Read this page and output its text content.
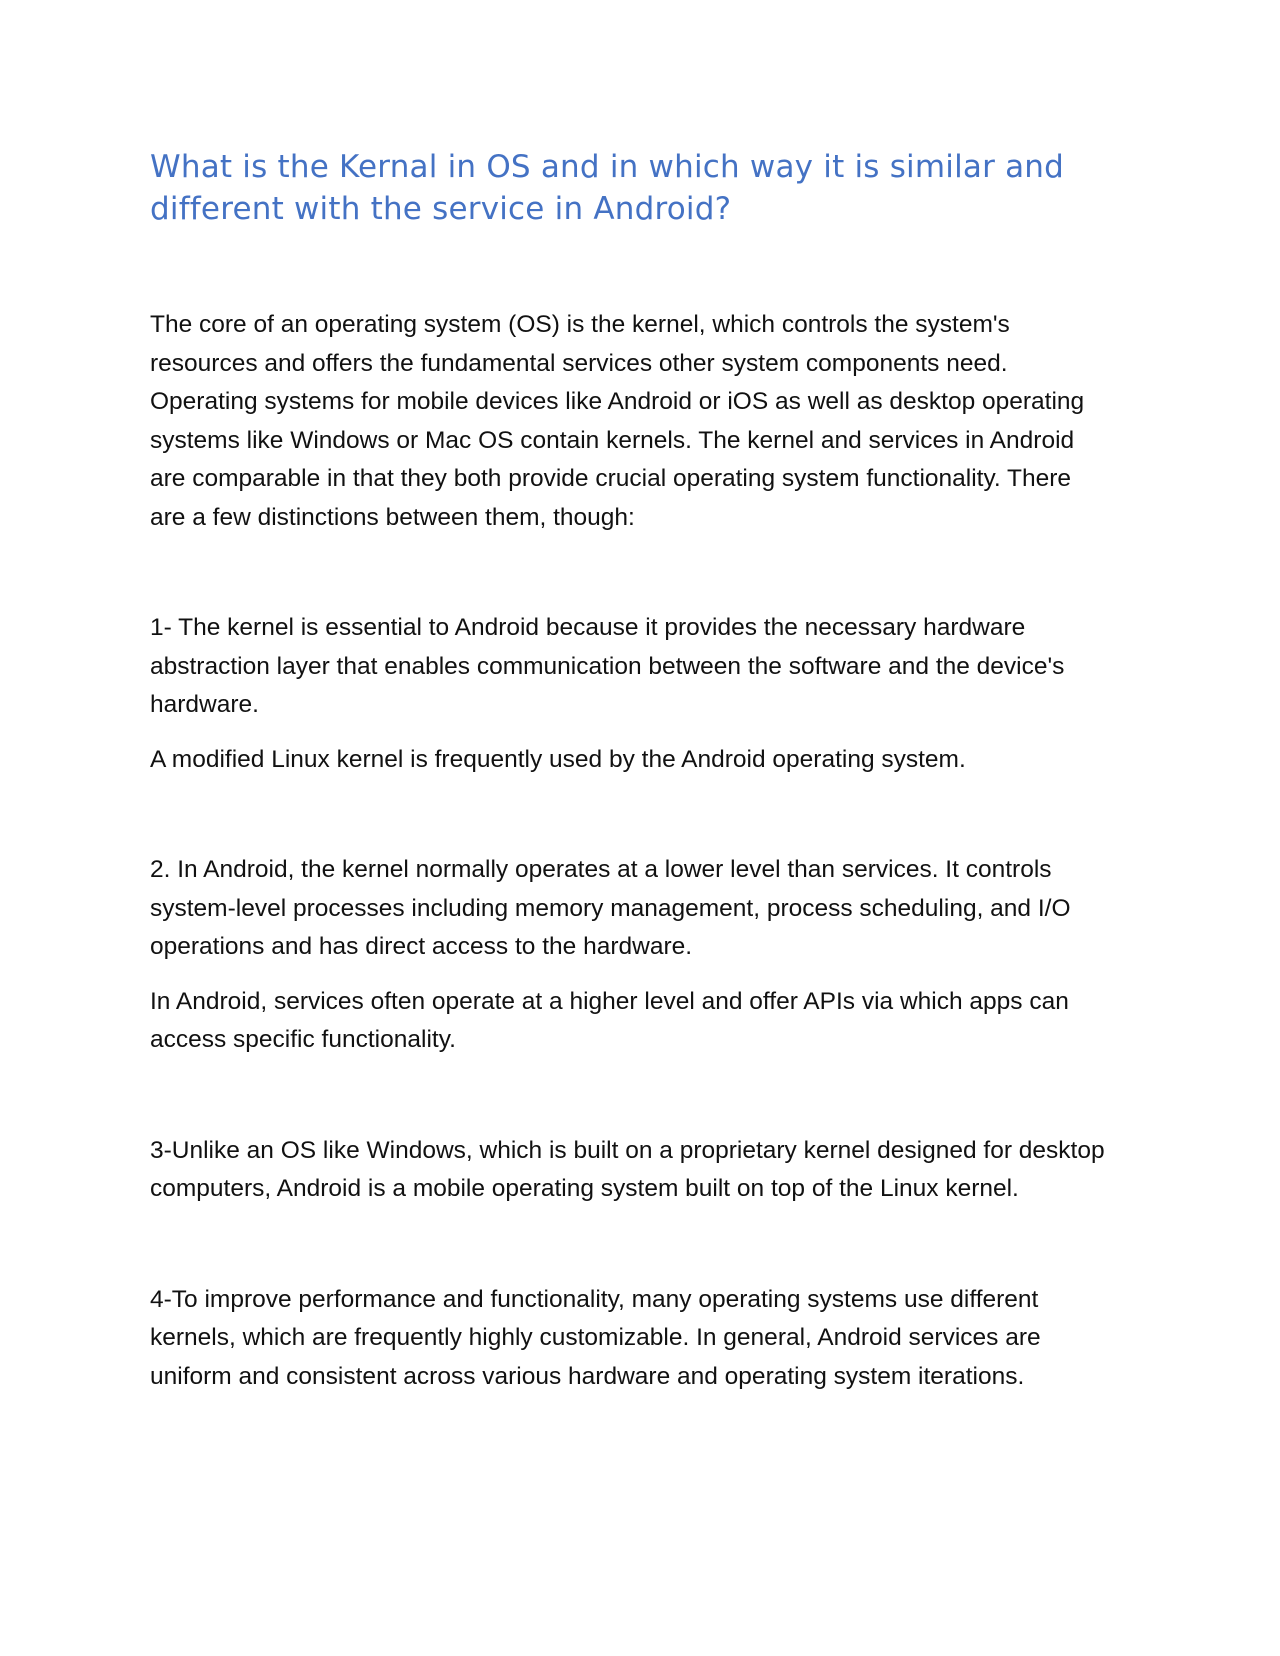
What is the Kernal in OS and in which way it is similar and different with the service in Android?

The core of an operating system (OS) is the kernel, which controls the system's resources and offers the fundamental services other system components need. Operating systems for mobile devices like Android or iOS as well as desktop operating systems like Windows or Mac OS contain kernels. The kernel and services in Android are comparable in that they both provide crucial operating system functionality. There are a few distinctions between them, though:

1- The kernel is essential to Android because it provides the necessary hardware abstraction layer that enables communication between the software and the device's hardware.

A modified Linux kernel is frequently used by the Android operating system.

2. In Android, the kernel normally operates at a lower level than services. It controls system-level processes including memory management, process scheduling, and I/O operations and has direct access to the hardware.

In Android, services often operate at a higher level and offer APIs via which apps can access specific functionality.

3-Unlike an OS like Windows, which is built on a proprietary kernel designed for desktop computers, Android is a mobile operating system built on top of the Linux kernel.

4-To improve performance and functionality, many operating systems use different kernels, which are frequently highly customizable. In general, Android services are uniform and consistent across various hardware and operating system iterations.
